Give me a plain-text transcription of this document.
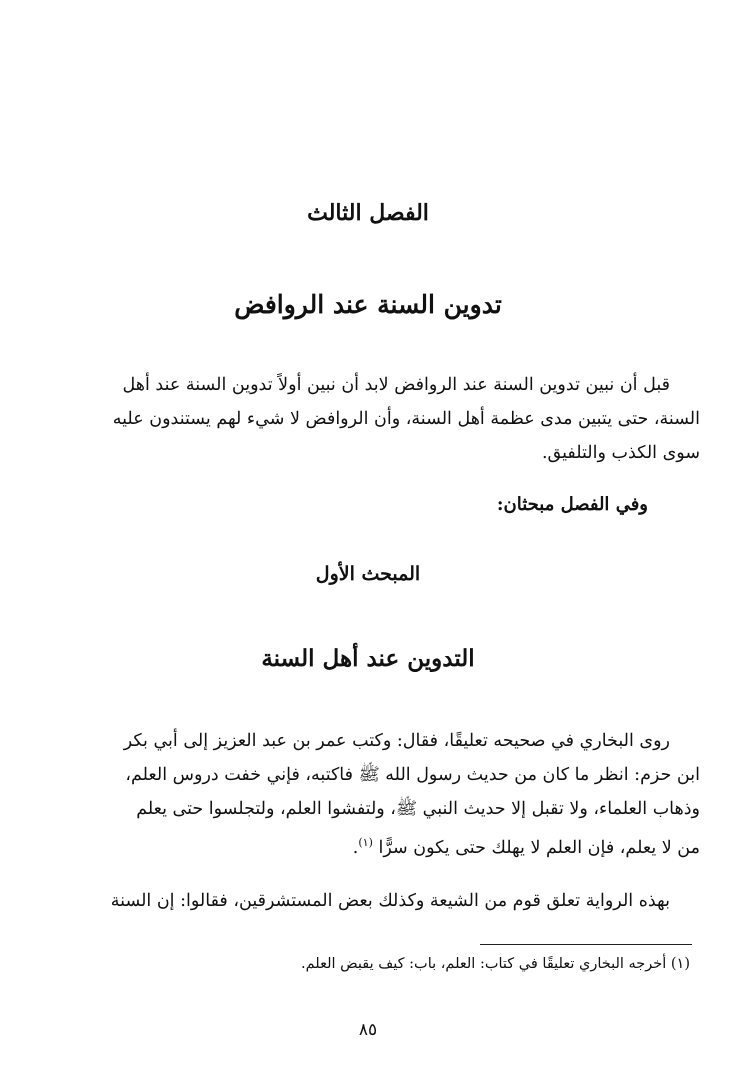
الفصل الثالث
تدوين السنة عند الروافض
قبل أن نبين تدوين السنة عند الروافض لابد أن نبين أولاً تدوين السنة عند أهل
السنة، حتى يتبين مدى عظمة أهل السنة، وأن الروافض لا شيء لهم يستندون عليه
سوى الكذب والتلفيق.
وفي الفصل مبحثان:
المبحث الأول
التدوين عند أهل السنة
روى البخاري في صحيحه تعليقًا، فقال: وكتب عمر بن عبد العزيز إلى أبي بكر
ابن حزم: انظر ما كان من حديث رسول الله ﷺ فاكتبه، فإني خفت دروس العلم،
وذهاب العلماء، ولا تقبل إلا حديث النبي ﷺ، ولتفشوا العلم، ولتجلسوا حتى يعلم
من لا يعلم، فإن العلم لا يهلك حتى يكون سرًّا $^{(١)}$.
بهذه الرواية تعلق قوم من الشيعة وكذلك بعض المستشرقين، فقالوا: إن السنة
(١) أخرجه البخاري تعليقًا في كتاب: العلم، باب: كيف يقبض العلم.
٨٥
